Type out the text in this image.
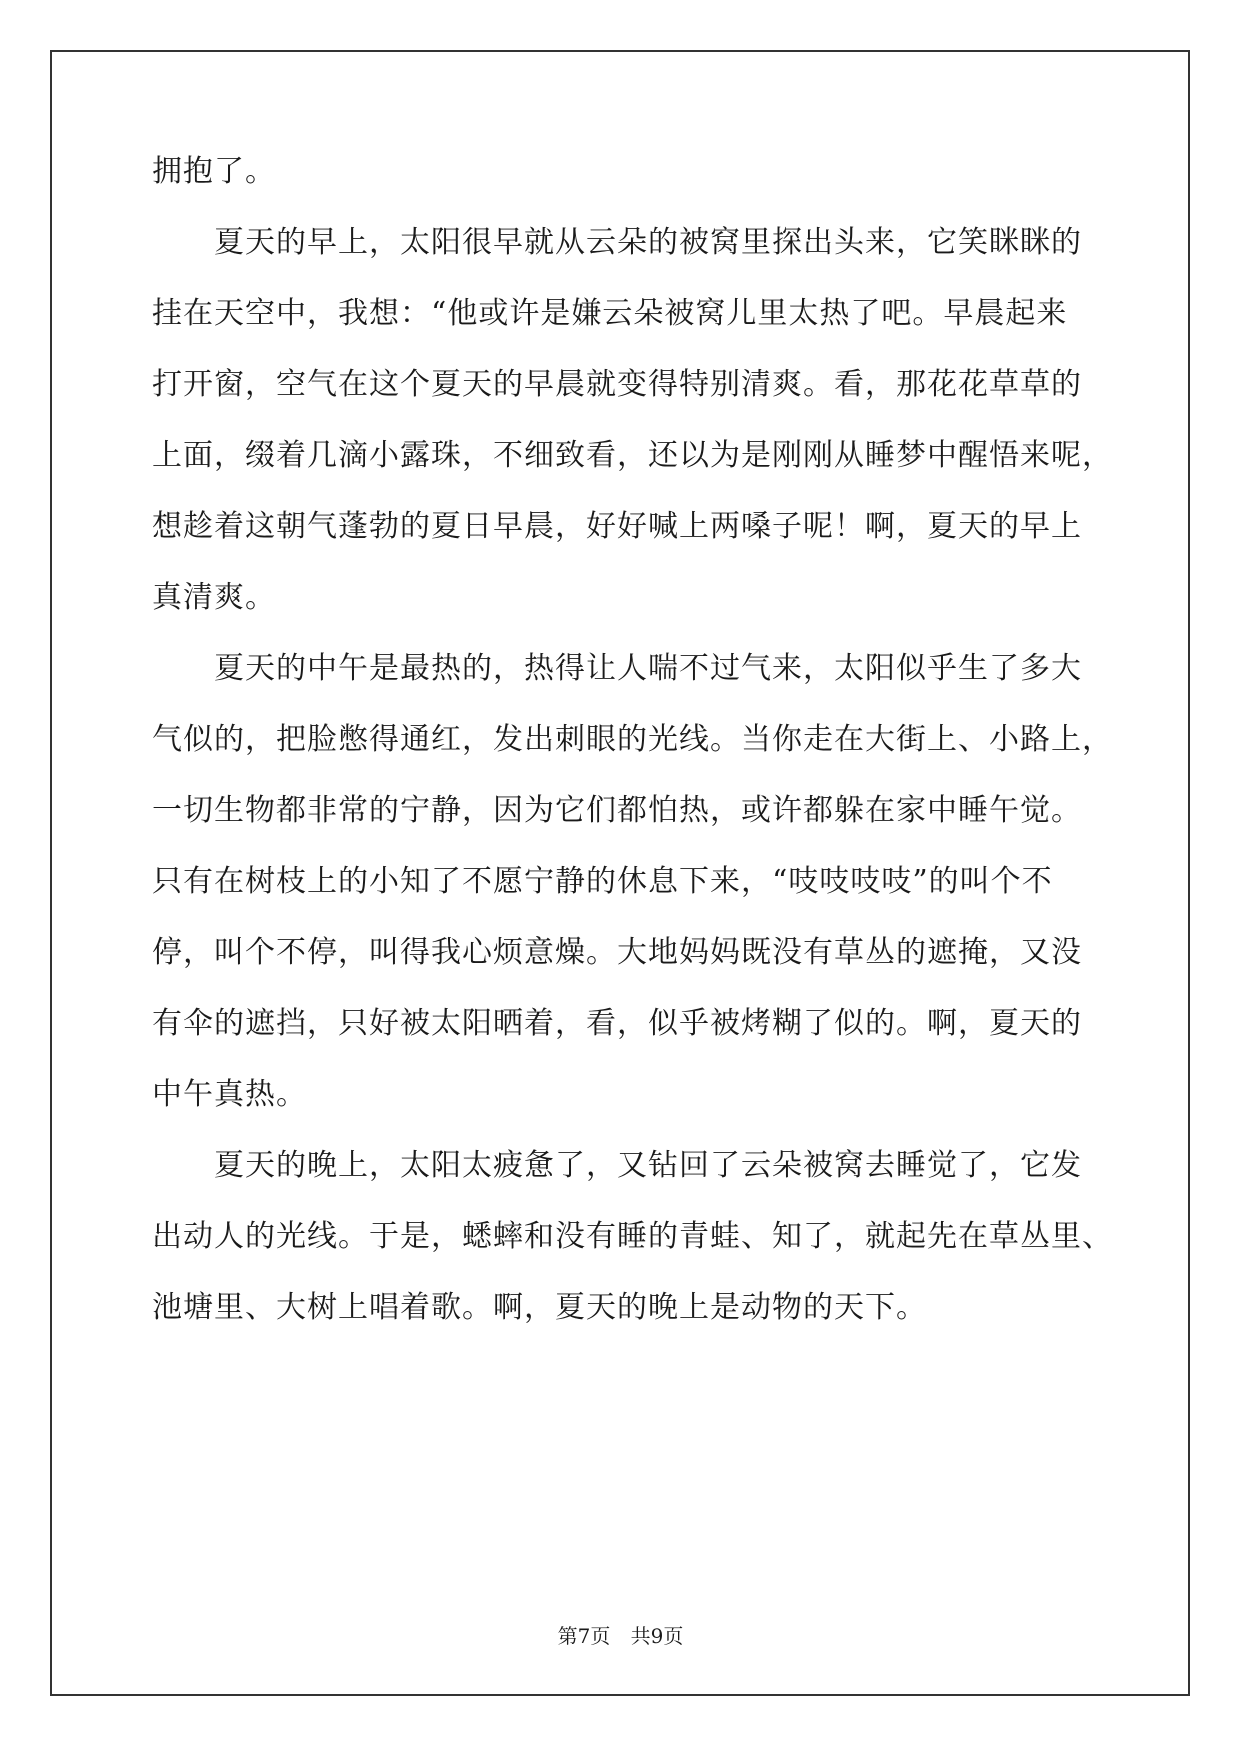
拥抱了。
　　夏天的早上，太阳很早就从云朵的被窝里探出头来，它笑眯眯的
挂在天空中，我想：“他或许是嫌云朵被窝儿里太热了吧。早晨起来
打开窗，空气在这个夏天的早晨就变得特别清爽。看，那花花草草的
上面，缀着几滴小露珠，不细致看，还以为是刚刚从睡梦中醒悟来呢，
想趁着这朝气蓬勃的夏日早晨，好好喊上两嗓子呢！啊，夏天的早上
真清爽。
　　夏天的中午是最热的，热得让人喘不过气来，太阳似乎生了多大
气似的，把脸憋得通红，发出刺眼的光线。当你走在大街上、小路上，
一切生物都非常的宁静，因为它们都怕热，或许都躲在家中睡午觉。
只有在树枝上的小知了不愿宁静的休息下来，“吱吱吱吱”的叫个不
停，叫个不停，叫得我心烦意燥。大地妈妈既没有草丛的遮掩，又没
有伞的遮挡，只好被太阳晒着，看，似乎被烤糊了似的。啊，夏天的
中午真热。
　　夏天的晚上，太阳太疲惫了，又钻回了云朵被窝去睡觉了，它发
出动人的光线。于是，蟋蟀和没有睡的青蛙、知了，就起先在草丛里、
池塘里、大树上唱着歌。啊，夏天的晚上是动物的天下。
第7页 共9页
